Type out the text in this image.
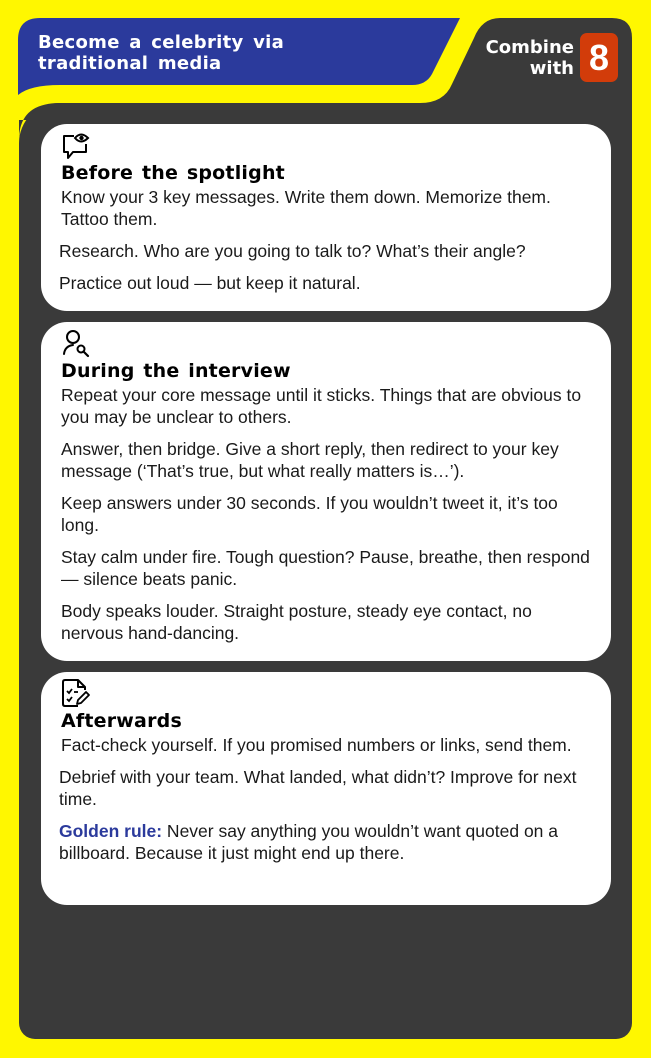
Become a celebrity via
traditional media
Combine
with 8
Before the spotlight

Know your 3 key messages. Write them down. Memorize them. Tattoo them.

Research. Who are you going to talk to? What’s their angle?

Practice out loud — but keep it natural.

During the interview

Repeat your core message until it sticks. Things that are obvious to you may be unclear to others.

Answer, then bridge. Give a short reply, then redirect to your key message (‘That’s true, but what really matters is…’).

Keep answers under 30 seconds. If you wouldn’t tweet it, it’s too long.

Stay calm under fire. Tough question? Pause, breathe, then respond — silence beats panic.

Body speaks louder. Straight posture, steady eye contact, no nervous hand-dancing.

Afterwards

Fact-check yourself. If you promised numbers or links, send them.

Debrief with your team. What landed, what didn’t? Improve for next time.

Golden rule: Never say anything you wouldn’t want quoted on a billboard. Because it just might end up there.
